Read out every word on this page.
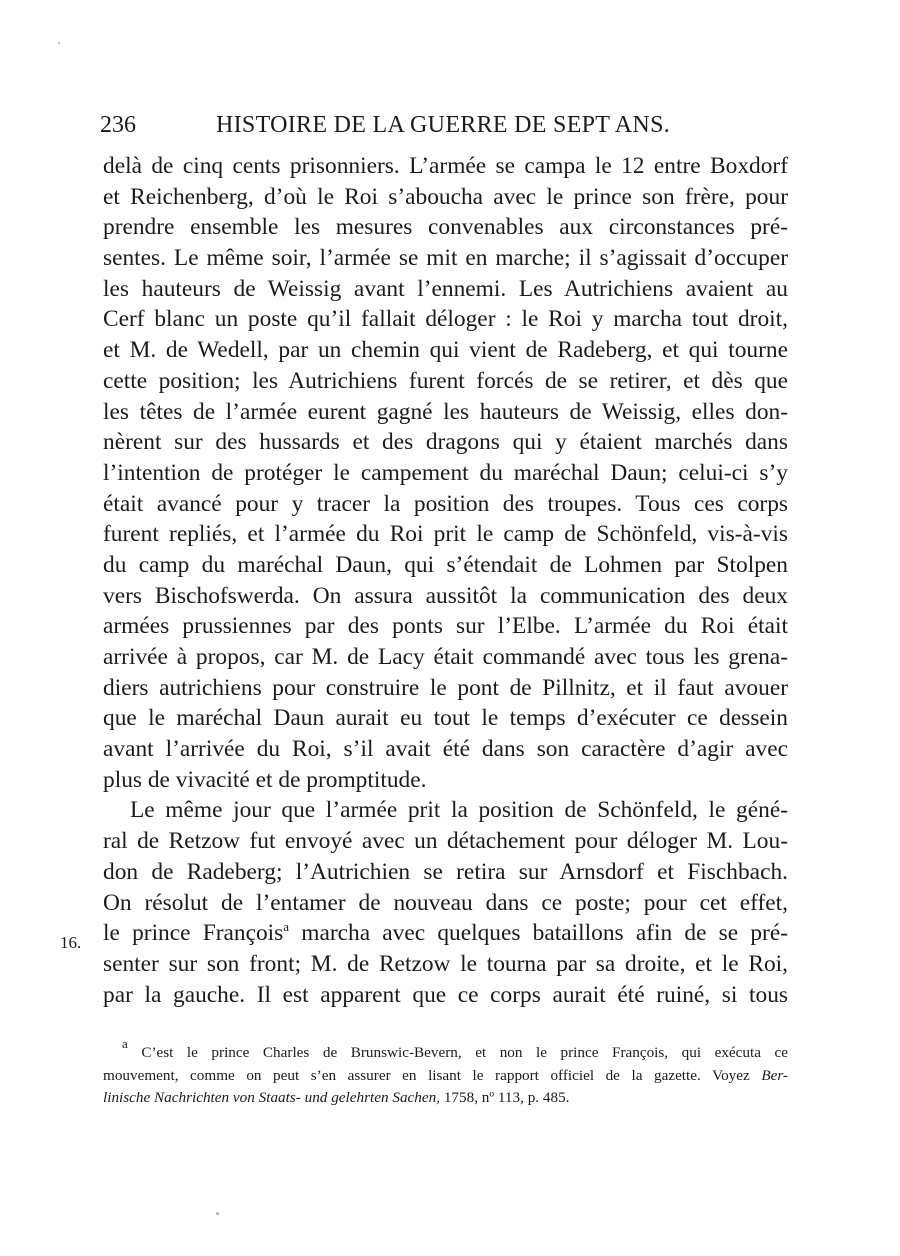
236	HISTOIRE DE LA GUERRE DE SEPT ANS.
delà de cinq cents prisonniers. L’armée se campa le 12 entre Boxdorf
et Reichenberg, d’où le Roi s’aboucha avec le prince son frère, pour
prendre ensemble les mesures convenables aux circonstances pré-
sentes. Le même soir, l’armée se mit en marche; il s’agissait d’occuper
les hauteurs de Weissig avant l’ennemi. Les Autrichiens avaient au
Cerf blanc un poste qu’il fallait déloger : le Roi y marcha tout droit,
et M. de Wedell, par un chemin qui vient de Radeberg, et qui tourne
cette position; les Autrichiens furent forcés de se retirer, et dès que
les têtes de l’armée eurent gagné les hauteurs de Weissig, elles don-
nèrent sur des hussards et des dragons qui y étaient marchés dans
l’intention de protéger le campement du maréchal Daun; celui-ci s’y
était avancé pour y tracer la position des troupes. Tous ces corps
furent repliés, et l’armée du Roi prit le camp de Schönfeld, vis-à-vis
du camp du maréchal Daun, qui s’étendait de Lohmen par Stolpen
vers Bischofswerda. On assura aussitôt la communication des deux
armées prussiennes par des ponts sur l’Elbe. L’armée du Roi était
arrivée à propos, car M. de Lacy était commandé avec tous les grena-
diers autrichiens pour construire le pont de Pillnitz, et il faut avouer
que le maréchal Daun aurait eu tout le temps d’exécuter ce dessein
avant l’arrivée du Roi, s’il avait été dans son caractère d’agir avec
plus de vivacité et de promptitude.
Le même jour que l’armée prit la position de Schönfeld, le géné-
ral de Retzow fut envoyé avec un détachement pour déloger M. Lou-
don de Radeberg; l’Autrichien se retira sur Arnsdorf et Fischbach.
On résolut de l’entamer de nouveau dans ce poste; pour cet effet,
le prince François$^a$ marcha avec quelques bataillons afin de se pré-
senter sur son front; M. de Retzow le tourna par sa droite, et le Roi,
par la gauche. Il est apparent que ce corps aurait été ruiné, si tous
16.
a C’est le prince Charles de Brunswic-Bevern, et non le prince François, qui exécuta ce
mouvement, comme on peut s’en assurer en lisant le rapport officiel de la gazette. Voyez Ber-
linische Nachrichten von Staats- und gelehrten Sachen, 1758, nº 113, p. 485.
